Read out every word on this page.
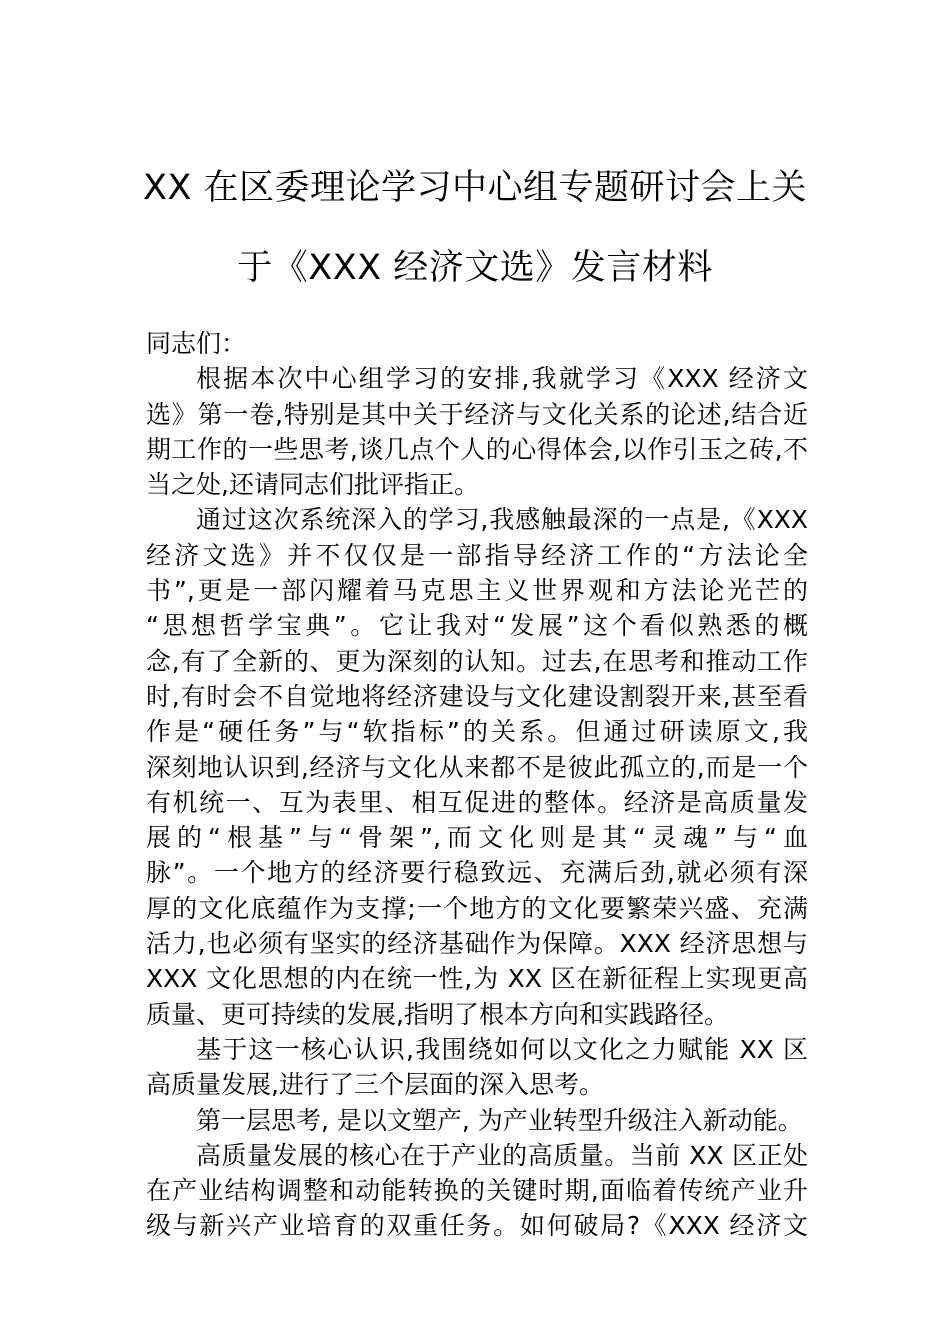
XX 在区委理论学习中心组专题研讨会上关
于《XXX 经济文选》发言材料
同志们：
根据本次中心组学习的安排,我就学习《XXX 经济文
选》第一卷,特别是其中关于经济与文化关系的论述,结合近
期工作的一些思考,谈几点个人的心得体会,以作引玉之砖,不
当之处,还请同志们批评指正。
通过这次系统深入的学习,我感触最深的一点是,《XXX
经济文选》并不仅仅是一部指导经济工作的“方法论全
书”,更是一部闪耀着马克思主义世界观和方法论光芒的
“思想哲学宝典”。它让我对“发展”这个看似熟悉的概
念,有了全新的、更为深刻的认知。过去,在思考和推动工作
时,有时会不自觉地将经济建设与文化建设割裂开来,甚至看
作是“硬任务”与“软指标”的关系。但通过研读原文,我
深刻地认识到,经济与文化从来都不是彼此孤立的,而是一个
有机统一、互为表里、相互促进的整体。经济是高质量发
展的“根基”与“骨架”,而文化则是其“灵魂”与“血
脉”。一个地方的经济要行稳致远、充满后劲,就必须有深
厚的文化底蕴作为支撑;一个地方的文化要繁荣兴盛、充满
活力,也必须有坚实的经济基础作为保障。XXX 经济思想与
XXX 文化思想的内在统一性,为 XX 区在新征程上实现更高
质量、更可持续的发展,指明了根本方向和实践路径。
基于这一核心认识,我围绕如何以文化之力赋能 XX 区
高质量发展,进行了三个层面的深入思考。
第一层思考, 是以文塑产, 为产业转型升级注入新动能。
高质量发展的核心在于产业的高质量。当前 XX 区正处
在产业结构调整和动能转换的关键时期,面临着传统产业升
级与新兴产业培育的双重任务。如何破局?《XXX 经济文
